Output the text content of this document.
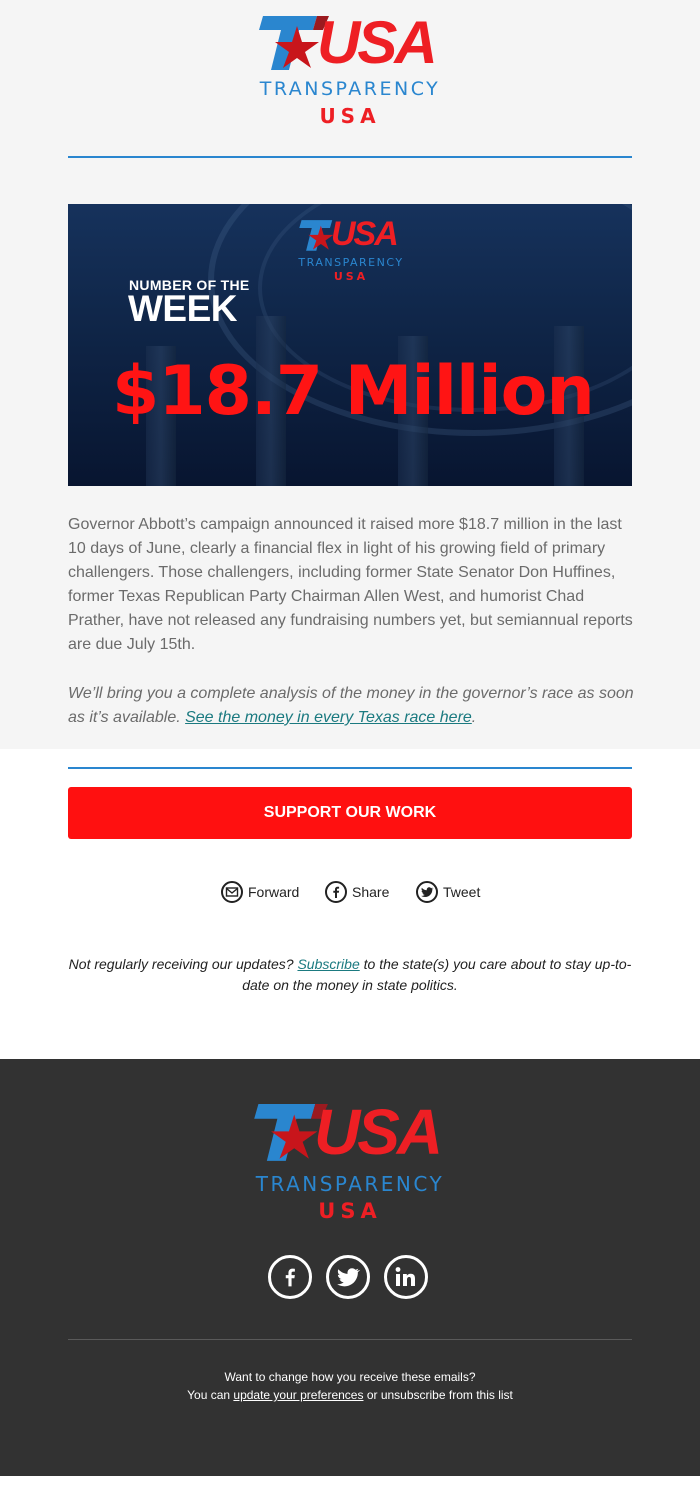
USA
TRANSPARENCY
USA
USA
TRANSPARENCY
USA
NUMBER OF THE
WEEK
$18.7 Million
Governor Abbott’s campaign announced it raised more $18.7 million in the last 10 days of June, clearly a financial flex in light of his growing field of primary challengers. Those challengers, including former State Senator Don Huffines, former Texas Republican Party Chairman Allen West, and humorist Chad Prather, have not released any fundraising numbers yet, but semiannual reports are due July 15th.
We’ll bring you a complete analysis of the money in the governor’s race as soon as it’s available. See the money in every Texas race here.
SUPPORT OUR WORK
Forward	Share	Tweet
Not regularly receiving our updates? Subscribe to the state(s) you care about to stay up-to-date on the money in state politics.
USA
TRANSPARENCY
USA
Want to change how you receive these emails?
You can update your preferences or unsubscribe from this list
